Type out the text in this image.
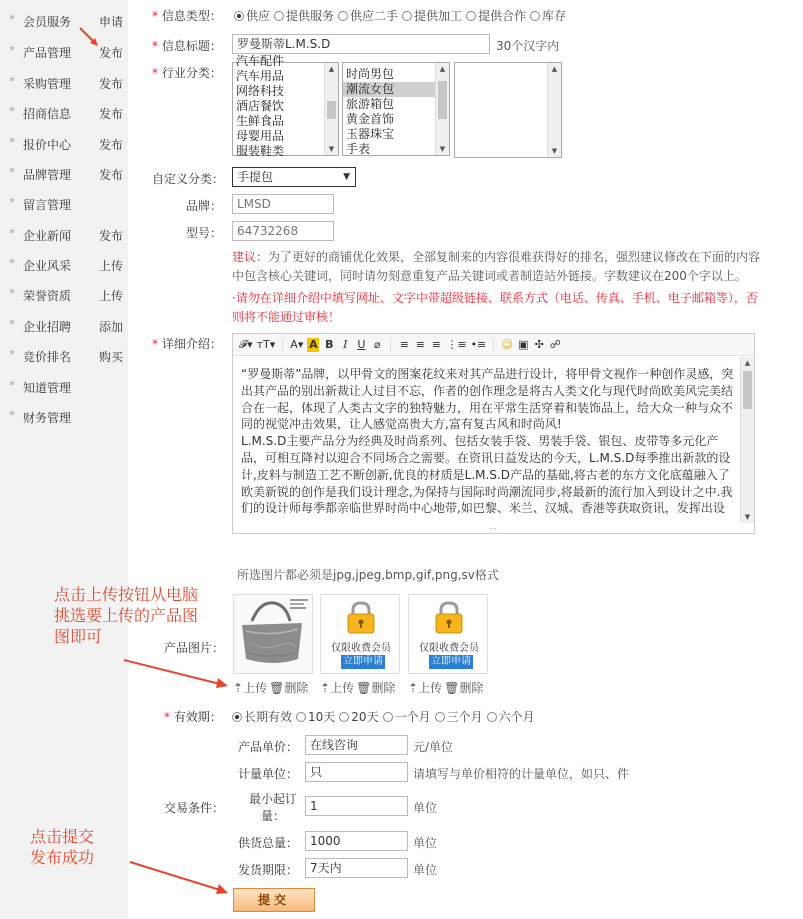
» 会员服务 申请
» 产品管理 发布
» 采购管理 发布
» 招商信息 发布
» 报价中心 发布
» 品牌管理 发布
» 留言管理
» 企业新闻 发布
» 企业风采 上传
» 荣誉资质 上传
» 企业招聘 添加
» 竞价排名 购买
» 知道管理
» 财务管理
* 信息类型： 供应 提供服务 供应二手 提供加工 提供合作 库存
* 信息标题：	罗曼斯蒂L.M.S.D	30个汉字内
* 行业分类：
汽车配件
汽车用品
网络科技
酒店餐饮
生鲜食品
母婴用品
服装鞋类
▲
▼
时尚男包
潮流女包
旅游箱包
黄金首饰
玉器珠宝
手表
▲
▼
▲
▼
自定义分类：	手提包	▼
品牌：	LMSD
型号：	64732268
建议：为了更好的商铺优化效果，全部复制来的内容很难获得好的排名，强烈建议修改在下面的内容中包含核心关键词，同时请勿刻意重复产品关键词或者制造站外链接。字数建议在200个字以上。
·请勿在详细介绍中填写网址、文字中带超级链接、联系方式（电话、传真、手机、电子邮箱等），否则将不能通过审核！
* 详细介绍： 𝓕▾ тT▾ A▾ A B I U ⌀ ≡ ≡ ≡ ⋮≡ •≡ ☺ ▣ ✣ ☍

“罗曼斯蒂”品牌，以甲骨文的图案花纹来对其产品进行设计，将甲骨文视作一种创作灵感，突出其产品的别出新裁让人过目不忘，作者的创作理念是将古人类文化与现代时尚欧美风完美结合在一起，体现了人类古文字的独特魅力，用在平常生活穿着和装饰品上，给大众一种与众不同的视觉冲击效果，让人感觉高贵大方,富有复古风和时尚风!

L.M.S.D主要产品分为经典及时尚系列、包括女装手袋、男装手袋、银包、皮带等多元化产品，可相互降衬以迎合不同场合之需要。在资讯日益发达的今天，L.M.S.D每季推出新款的设计,皮料与制造工艺不断创新,优良的材质是L.M.S.D产品的基础,将古老的东方文化底蕴融入了欧美新锐的创作是我们设计理念,为保持与国际时尚潮流同步,将最新的流行加入到设计之中.我们的设计师每季都亲临世界时尚中心地带,如巴黎、米兰、汉城、香港等获取资讯，发挥出设

▲
▼
⋯
所选图片都必须是jpg,jpeg,bmp,gif,png,sv格式
产品图片：	仅限收费会员
立即申请
仅限收费会员
立即申请
⇡上传 🗑删除 ⇡上传 🗑删除 ⇡上传 🗑删除
* 有效期： 长期有效 10天 20天 一个月 三个月 六个月
交易条件：
产品单价： 在线咨询	元/单位
计量单位： 只	请填写与单价相符的计量单位，如只、件
最小起订
量：
1	单位
供货总量： 1000	单位
发货期限： 7天内	单位
提交
点击上传按钮从电脑
挑选要上传的产品图
图即可
点击提交
发布成功
